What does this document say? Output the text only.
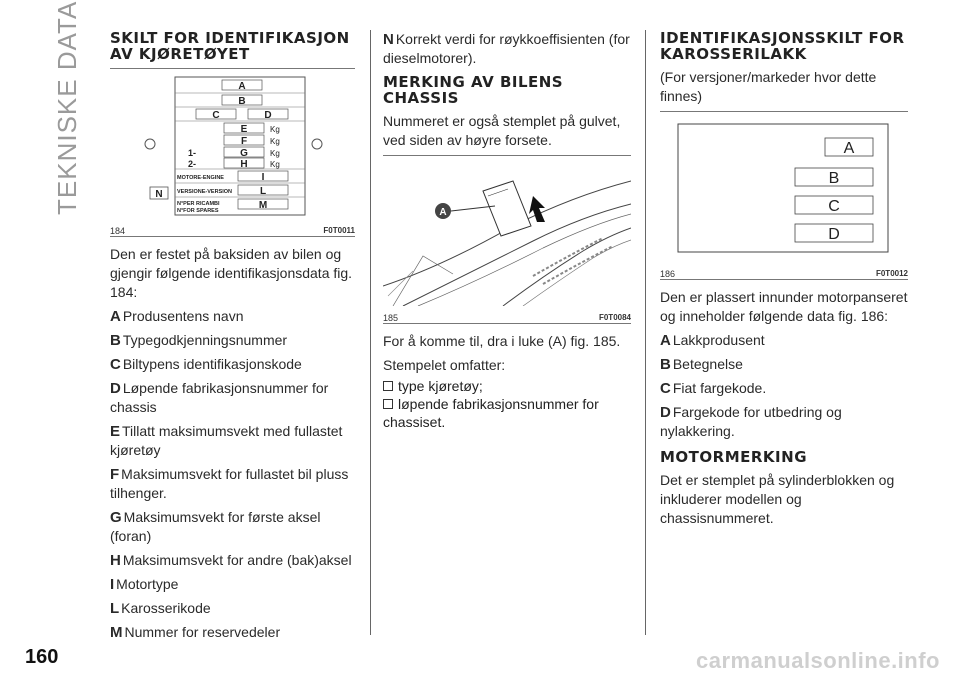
TEKNISKE DATA
160	carmanualsonline.info
SKILT FOR IDENTIFIKASJON AV KJØRETØYET
A
B
C	D
E	Kg
F	Kg
1-	G	Kg
2-	H	Kg
MOTORE-ENGINE	I
VERSIONE-VERSION	L
N°PER RICAMBI
N°FOR SPARES	M
N
184	F0T0011

Den er festet på baksiden av bilen og gjengir følgende identifikasjonsdata fig. 184:

A Produsentens navn
B Typegodkjenningsnummer
C Biltypens identifikasjonskode
D Løpende fabrikasjonsnummer for chassis
E Tillatt maksimumsvekt med fullastet kjøretøy
F Maksimumsvekt for fullastet bil pluss tilhenger.
G Maksimumsvekt for første aksel (foran)
H Maksimumsvekt for andre (bak)aksel
I Motortype
L Karosserikode
M Nummer for reservedeler
N Korrekt verdi for røykkoeffisienten (for dieselmotorer).
MERKING AV BILENS CHASSIS

Nummeret er også stemplet på gulvet, ved siden av høyre forsete.

A
185	F0T0084

For å komme til, dra i luke (A) fig. 185.

Stempelet omfatter:

type kjøretøy;
løpende fabrikasjonsnummer for chassiset.
IDENTIFIKASJONSSKILT FOR KAROSSERILAKK

(For versjoner/markeder hvor dette finnes)

A
B
C
D
186	F0T0012

Den er plassert innunder motorpanseret og inneholder følgende data fig. 186:

A Lakkprodusent
B Betegnelse
C Fiat fargekode.
D Fargekode for utbedring og nylakkering.
MOTORMERKING

Det er stemplet på sylinderblokken og inkluderer modellen og chassisnummeret.
